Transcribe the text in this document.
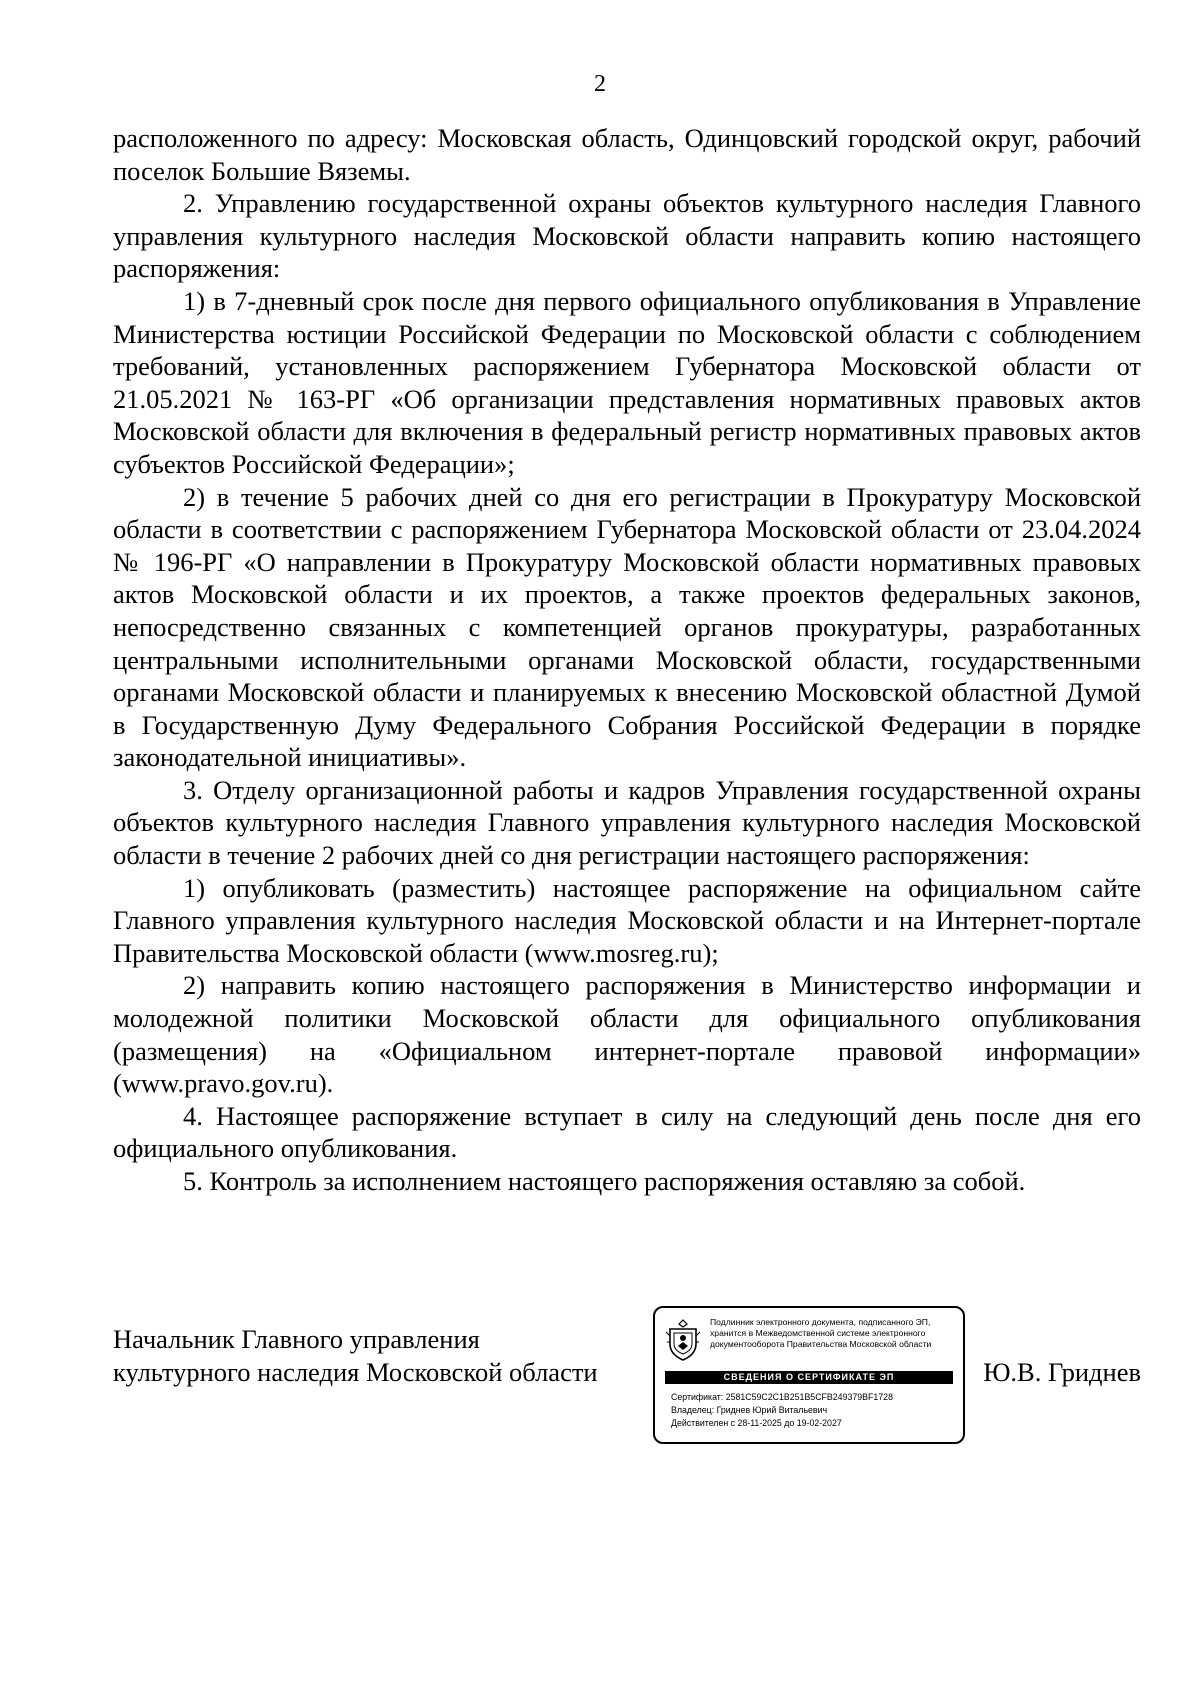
2

расположенного по адресу: Московская область, Одинцовский городской округ, рабочий поселок Большие Вяземы.

2. Управлению государственной охраны объектов культурного наследия Главного управления культурного наследия Московской области направить копию настоящего распоряжения:

1) в 7-дневный срок после дня первого официального опубликования в Управление Министерства юстиции Российской Федерации по Московской области с соблюдением требований, установленных распоряжением Губернатора Московской области от 21.05.2021 № 163-РГ «Об организации представления нормативных правовых актов Московской области для включения в федеральный регистр нормативных правовых актов субъектов Российской Федерации»;

2) в течение 5 рабочих дней со дня его регистрации в Прокуратуру Московской области в соответствии с распоряжением Губернатора Московской области от 23.04.2024 № 196-РГ «О направлении в Прокуратуру Московской области нормативных правовых актов Московской области и их проектов, а также проектов федеральных законов, непосредственно связанных с компетенцией органов прокуратуры, разработанных центральными исполнительными органами Московской области, государственными органами Московской области и планируемых к внесению Московской областной Думой в Государственную Думу Федерального Собрания Российской Федерации в порядке законодательной инициативы».

3. Отделу организационной работы и кадров Управления государственной охраны объектов культурного наследия Главного управления культурного наследия Московской области в течение 2 рабочих дней со дня регистрации настоящего распоряжения:

1) опубликовать (разместить) настоящее распоряжение на официальном сайте Главного управления культурного наследия Московской области и на Интернет-портале Правительства Московской области (www.mosreg.ru);

2) направить копию настоящего распоряжения в Министерство информации и молодежной политики Московской области для официального опубликования (размещения) на «Официальном интернет-портале правовой информации» (www.pravo.gov.ru).

4. Настоящее распоряжение вступает в силу на следующий день после дня его официального опубликования.

5. Контроль за исполнением настоящего распоряжения оставляю за собой.

Начальник Главного управления
культурного наследия Московской области
Подлинник электронного документа, подписанного ЭП,
хранится в Межведомственной системе электронного
документооборота Правительства Московской области
СВЕДЕНИЯ О СЕРТИФИКАТЕ ЭП
Сертификат: 2581C59C2C1B251B5CFB249379BF1728
Владелец: Гриднев Юрий Витальевич
Действителен с 28-11-2025 до 19-02-2027
Ю.В. Гриднев
